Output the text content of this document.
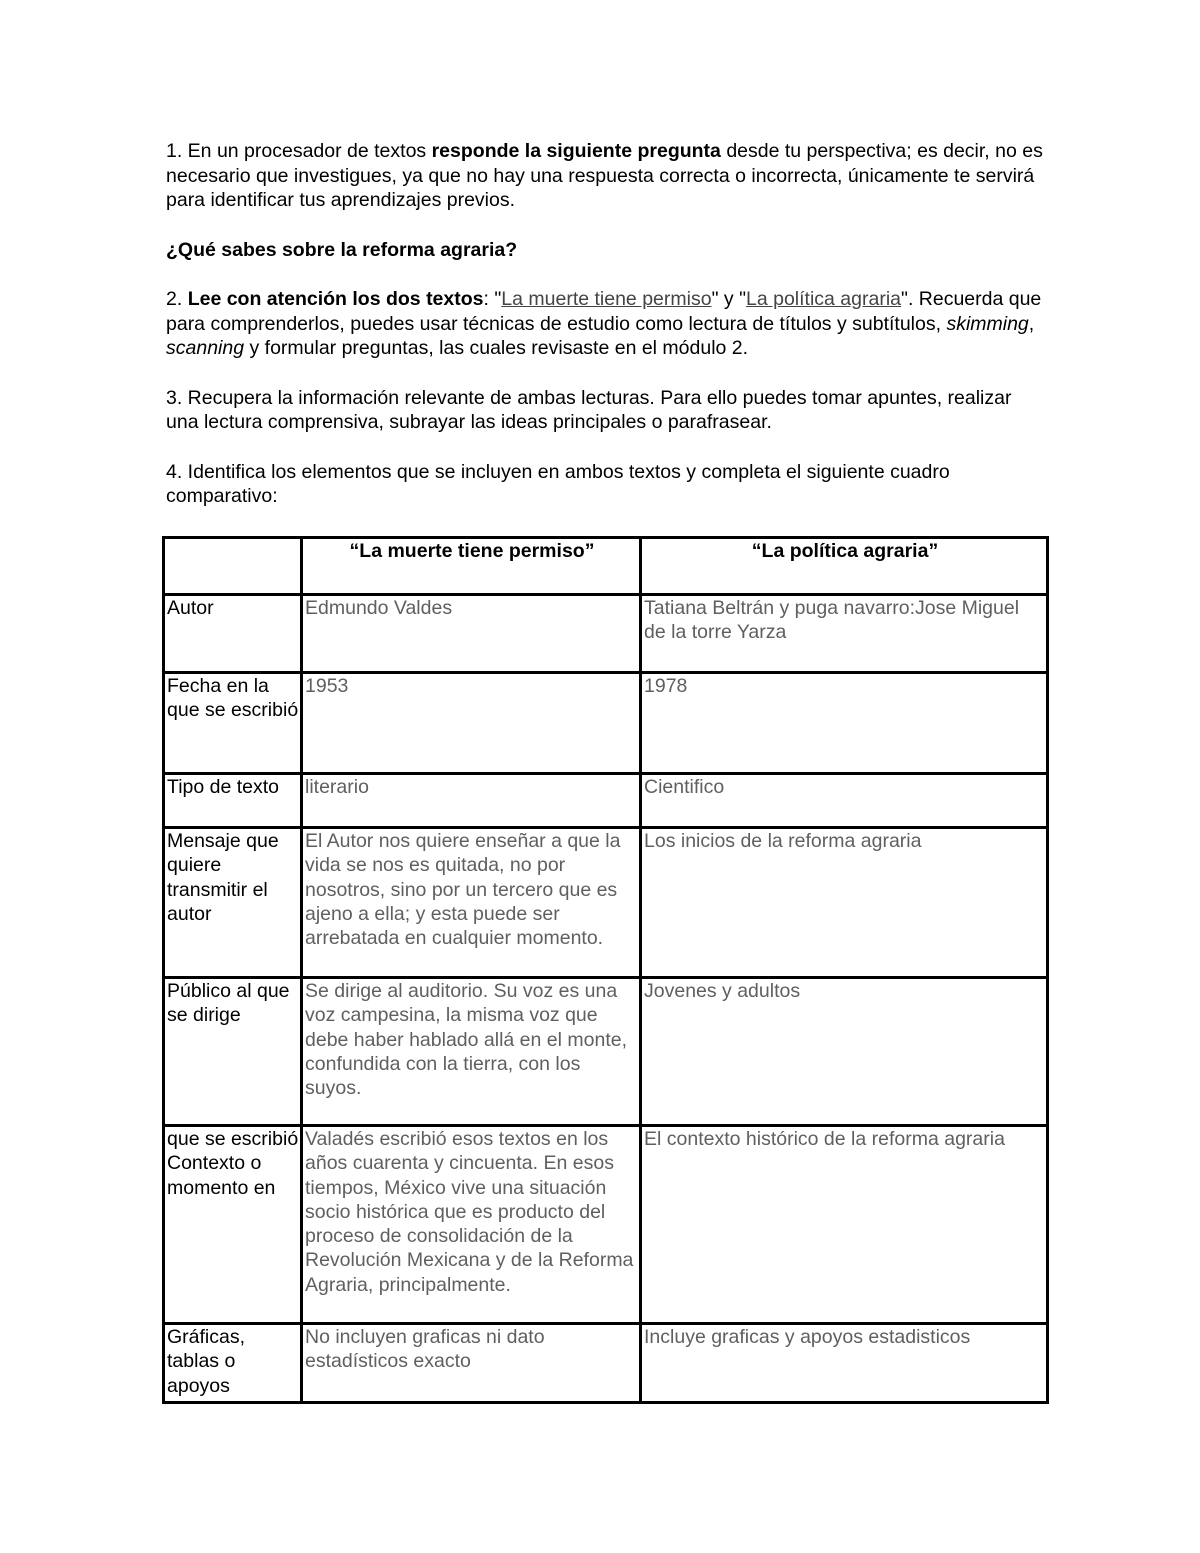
1. En un procesador de textos responde la siguiente pregunta desde tu perspectiva; es decir, no es necesario que investigues, ya que no hay una respuesta correcta o incorrecta, únicamente te servirá para identificar tus aprendizajes previos.

¿Qué sabes sobre la reforma agraria?

2. Lee con atención los dos textos: "La muerte tiene permiso" y "La política agraria". Recuerda que para comprenderlos, puedes usar técnicas de estudio como lectura de títulos y subtítulos, skimming, scanning y formular preguntas, las cuales revisaste en el módulo 2.

3. Recupera la información relevante de ambas lecturas. Para ello puedes tomar apuntes, realizar una lectura comprensiva, subrayar las ideas principales o parafrasear.

4. Identifica los elementos que se incluyen en ambos textos y completa el siguiente cuadro comparativo:

	“La muerte tiene permiso”	“La política agraria”
Autor	Edmundo Valdes	Tatiana Beltrán y puga navarro:Jose Miguel de la torre Yarza
Fecha en la que se escribió	1953	1978
Tipo de texto	literario	Cientifico
Mensaje que quiere transmitir el autor	El Autor nos quiere enseñar a que la vida se nos es quitada, no por nosotros, sino por un tercero que es ajeno a ella; y esta puede ser arrebatada en cualquier momento.	Los inicios de la reforma agraria
Público al que se dirige	Se dirige al auditorio. Su voz es una voz campesina, la misma voz que debe haber hablado allá en el monte, confundida con la tierra, con los suyos.	Jovenes y adultos
que se escribió Contexto o momento en	Valadés escribió esos textos en los años cuarenta y cincuenta. En esos tiempos, México vive una situación socio histórica que es producto del proceso de consolidación de la Revolución Mexicana y de la Reforma Agraria, principalmente.	El contexto histórico de la reforma agraria
Gráficas, tablas o apoyos	No incluyen graficas ni dato estadísticos exacto	Incluye graficas y apoyos estadisticos
